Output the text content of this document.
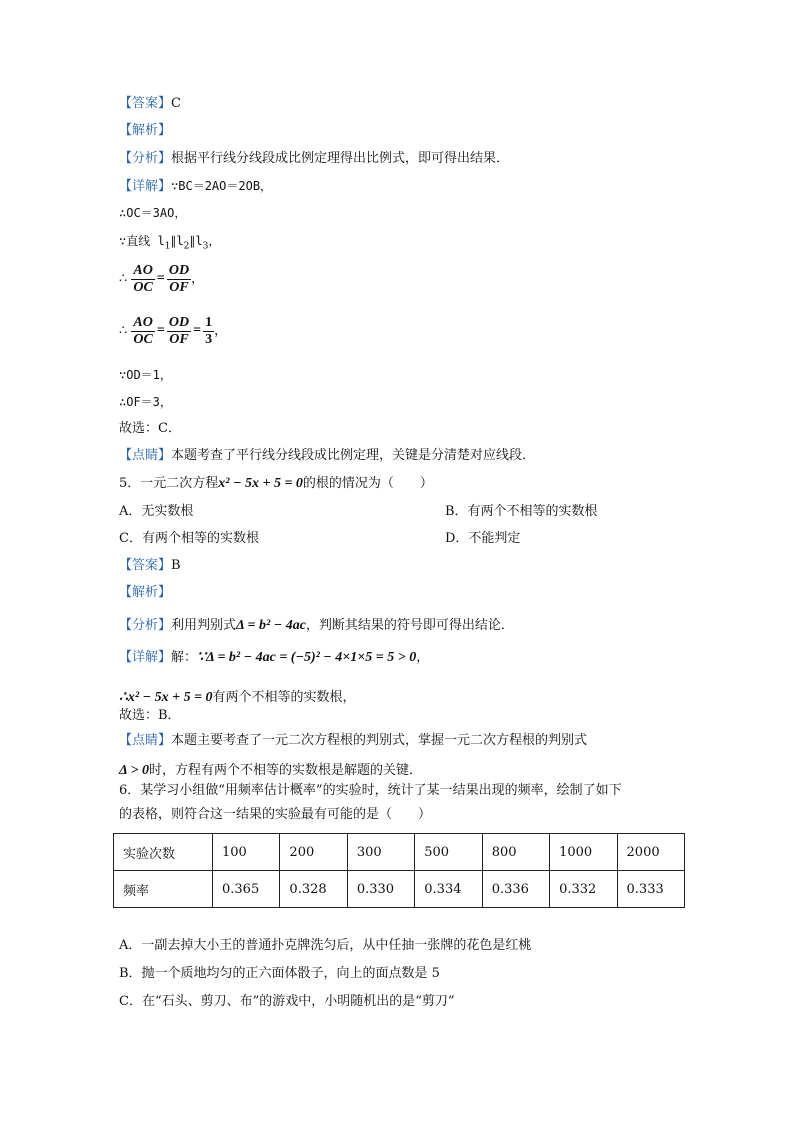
【答案】C
【解析】
【分析】根据平行线分线段成比例定理得出比例式，即可得出结果．
【详解】∵BC＝2AO＝2OB，
∴OC＝3AO，
∵直线 $l_1\parallel l_2\parallel l_3$，
∴ $\frac{AO}{OC} = \frac{OD}{OF}$ ，
∴ $\frac{AO}{OC} = \frac{OD}{OF} = \frac{1}{3}$ ，
∵OD＝1，
∴OF＝3，
故选：C．
【点睛】本题考查了平行线分线段成比例定理，关键是分清楚对应线段．
5．一元二次方程x² − 5x + 5 = 0的根的情况为（　　）
A．无实数根	B．有两个不相等的实数根
C．有两个相等的实数根	D．不能判定
【答案】B
【解析】
【分析】利用判别式Δ = b² − 4ac，判断其结果的符号即可得出结论．
【详解】解：∵Δ = b² − 4ac = (−5)² − 4×1×5 = 5 > 0，
∴x² − 5x + 5 = 0有两个不相等的实数根，
故选：B．
【点睛】本题主要考查了一元二次方程根的判别式，掌握一元二次方程根的判别式
Δ > 0时，方程有两个不相等的实数根是解题的关键．
6．某学习小组做“用频率估计概率”的实验时，统计了某一结果出现的频率，绘制了如下
的表格，则符合这一结果的实验最有可能的是（　　）
实验次数	100	200	300	500	800	1000	2000
频率	0.365	0.328	0.330	0.334	0.336	0.332	0.333
A．一副去掉大小王的普通扑克牌洗匀后，从中任抽一张牌的花色是红桃
B．抛一个质地均匀的正六面体骰子，向上的面点数是 5
C．在“石头、剪刀、布”的游戏中，小明随机出的是“剪刀”
